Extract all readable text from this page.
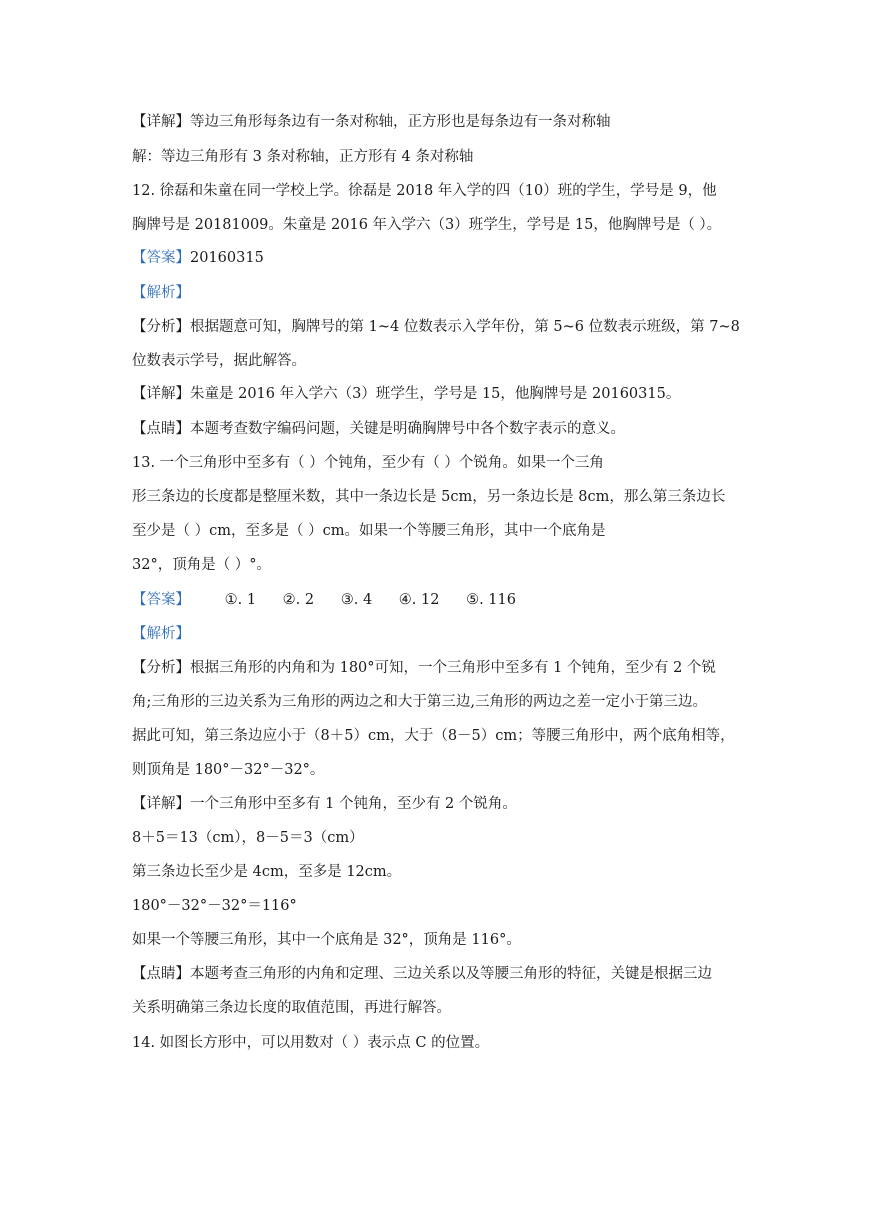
【详解】等边三角形每条边有一条对称轴，正方形也是每条边有一条对称轴
解：等边三角形有 3 条对称轴，正方形有 4 条对称轴
12. 徐磊和朱童在同一学校上学。徐磊是 2018 年入学的四（10）班的学生，学号是 9，他
胸牌号是 20181009。朱童是 2016 年入学六（3）班学生，学号是 15，他胸牌号是（ ）。
【答案】20160315
【解析】
【分析】根据题意可知，胸牌号的第 1~4 位数表示入学年份，第 5~6 位数表示班级，第 7~8
位数表示学号，据此解答。
【详解】朱童是 2016 年入学六（3）班学生，学号是 15，他胸牌号是 20160315。
【点睛】本题考查数字编码问题，关键是明确胸牌号中各个数字表示的意义。
13. 一个三角形中至多有（ ）个钝角，至少有（ ）个锐角。如果一个三角
形三条边的长度都是整厘米数，其中一条边长是 5cm，另一条边长是 8cm，那么第三条边长
至少是（ ）cm，至多是（ ）cm。如果一个等腰三角形，其中一个底角是
32°，顶角是（ ）°。
【答案】 ①. 1 ②. 2 ③. 4 ④. 12 ⑤. 116
【解析】
【分析】根据三角形的内角和为 180°可知，一个三角形中至多有 1 个钝角，至少有 2 个锐
角;三角形的三边关系为三角形的两边之和大于第三边,三角形的两边之差一定小于第三边。
据此可知，第三条边应小于（8＋5）cm，大于（8－5）cm；等腰三角形中，两个底角相等，
则顶角是 180°－32°－32°。
【详解】一个三角形中至多有 1 个钝角，至少有 2 个锐角。
8＋5＝13（cm），8－5＝3（cm）
第三条边长至少是 4cm，至多是 12cm。
180°－32°－32°＝116°
如果一个等腰三角形，其中一个底角是 32°，顶角是 116°。
【点睛】本题考查三角形的内角和定理、三边关系以及等腰三角形的特征，关键是根据三边
关系明确第三条边长度的取值范围，再进行解答。
14. 如图长方形中，可以用数对（ ）表示点 C 的位置。
